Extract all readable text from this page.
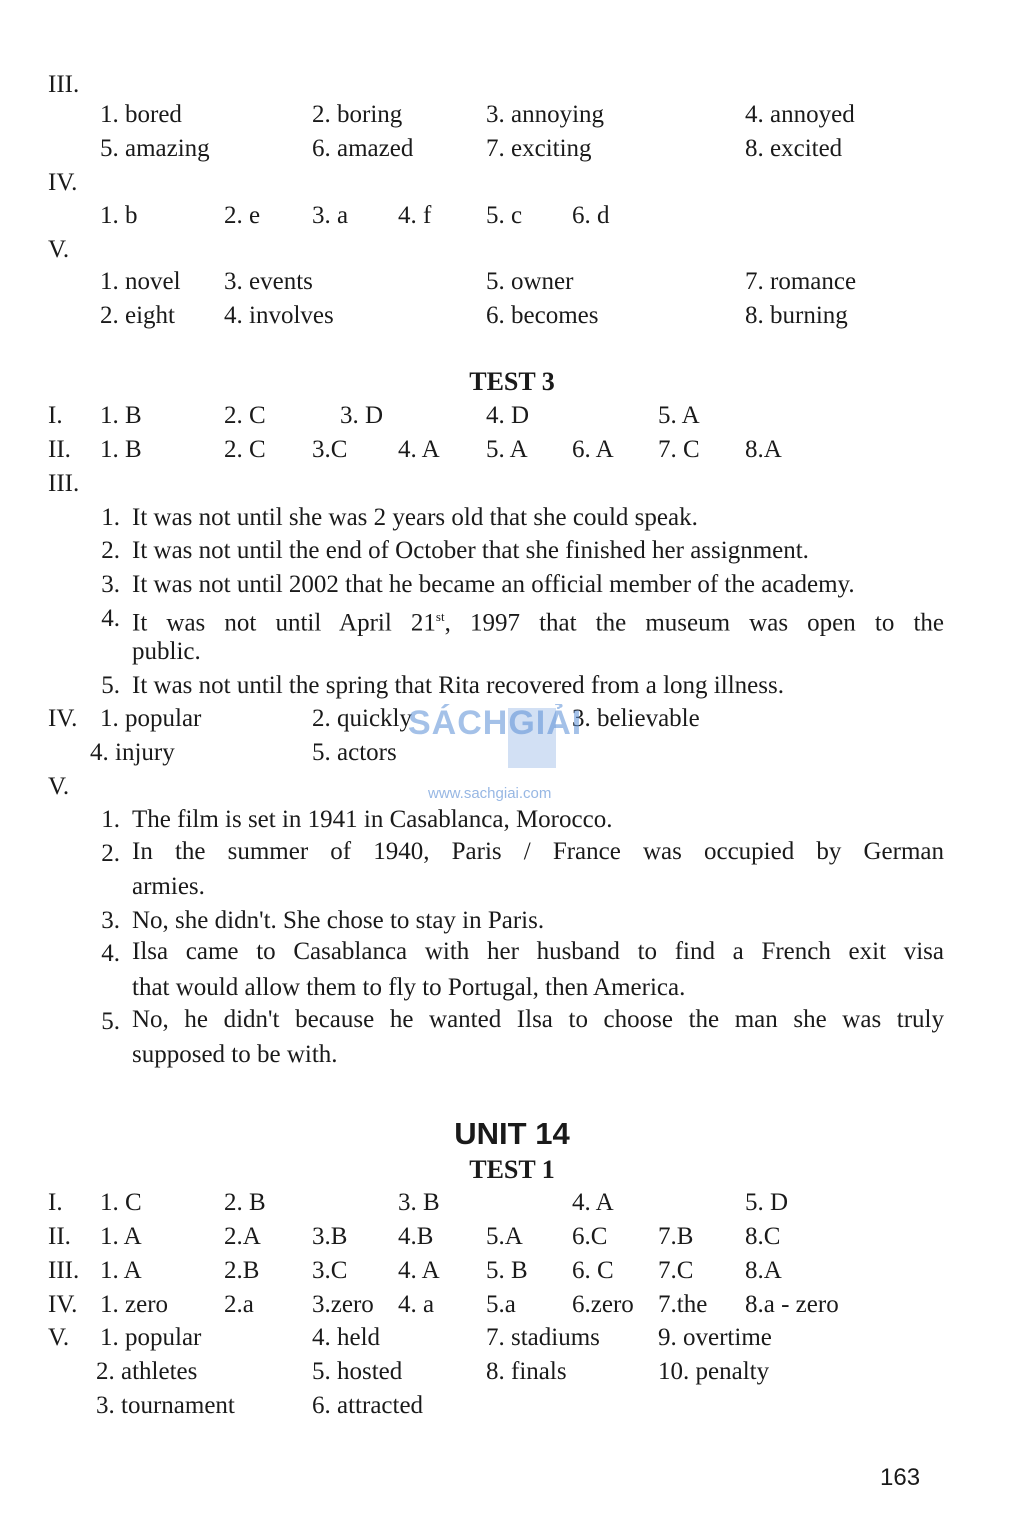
III.
1. bored	2. boring	3. annoying	4. annoyed
5. amazing	6. amazed	7. exciting	8. excited
IV.
1. b	2. e 3. a 4. f 5. c 6. d
V.
1. novel 3. events	5. owner	7. romance
2. eight 4. involves	6. becomes	8. burning
TEST 3
I. 1. B	2. C	3. D	4. D	5. A
II. 1. B	2. C 3.C 4. A 5. A 6. A 7. C 8.A
III.
1. It was not until she was 2 years old that she could speak.
2. It was not until the end of October that she finished her assignment.
3. It was not until 2002 that he became an official member of the academy.
4. It was not until April 21st, 1997 that the museum was open to the
public.
5. It was not until the spring that Rita recovered from a long illness.
IV. 1. popular	2. quickly	3. believable
4. injury	5. actors
V.
1. The film is set in 1941 in Casablanca, Morocco.
2. In the summer of 1940, Paris / France was occupied by German
armies.
3. No, she didn't. She chose to stay in Paris.
4. Ilsa came to Casablanca with her husband to find a French exit visa
that would allow them to fly to Portugal, then America.
5. No, he didn't because he wanted Ilsa to choose the man she was truly
supposed to be with.
UNIT 14
TEST 1
I. 1. C	2. B	3. B	4. A	5. D
II. 1. A	2.A 3.B 4.B 5.A 6.C 7.B 8.C
III. 1. A	2.B 3.C 4. A 5. B 6. C 7.C 8.A
IV. 1. zero 2.a 3.zero 4. a 5.a 6.zero 7.the 8.a - zero
V. 1. popular	4. held	7. stadiums 9. overtime
2. athletes	5. hosted	8. finals	10. penalty
3. tournament	6. attracted
SÁCHGIẢI
www.sachgiai.com
163
